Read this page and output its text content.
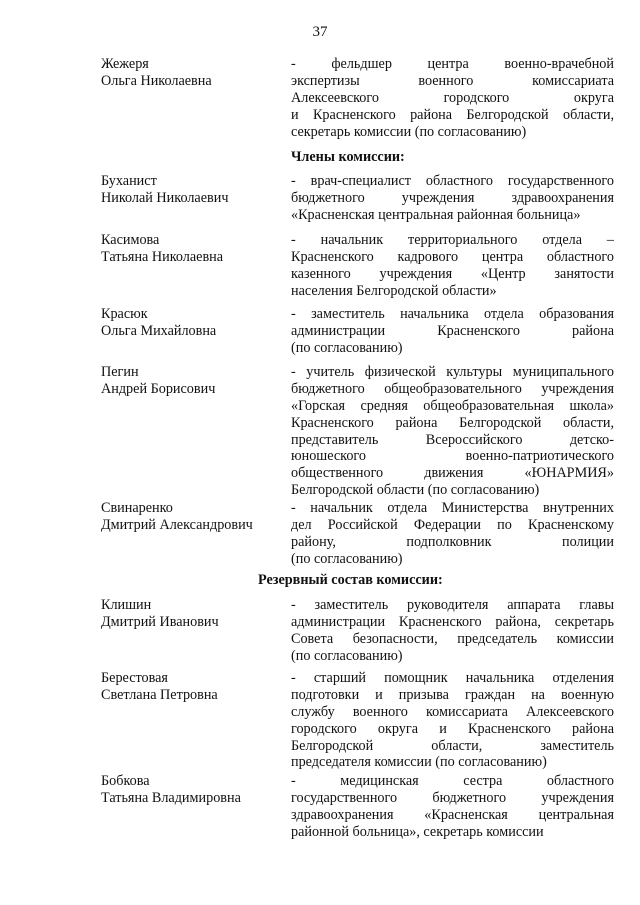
37
Жежеря
Ольга Николаевна
- фельдшер центра военно-врачебной
экспертизы военного комиссариата
Алексеевского городского округа
и Красненского района Белгородской области,
секретарь комиссии (по согласованию)
Члены комиссии:
Буханист
Николай Николаевич
- врач-специалист областного государственного
бюджетного учреждения здравоохранения
«Красненская центральная районная больница»
Касимова
Татьяна Николаевна
- начальник территориального отдела –
Красненского кадрового центра областного
казенного учреждения «Центр занятости
населения Белгородской области»
Красюк
Ольга Михайловна
- заместитель начальника отдела образования
администрации Красненского района
(по согласованию)
Пегин
Андрей Борисович
- учитель физической культуры муниципального
бюджетного общеобразовательного учреждения
«Горская средняя общеобразовательная школа»
Красненского района Белгородской области,
представитель Всероссийского детско-
юношеского военно-патриотического
общественного движения «ЮНАРМИЯ»
Белгородской области (по согласованию)
Свинаренко
Дмитрий Александрович
- начальник отдела Министерства внутренних
дел Российской Федерации по Красненскому
району, подполковник полиции
(по согласованию)
Резервный состав комиссии:
Клишин
Дмитрий Иванович
- заместитель руководителя аппарата главы
администрации Красненского района, секретарь
Совета безопасности, председатель комиссии
(по согласованию)
Берестовая
Светлана Петровна
- старший помощник начальника отделения
подготовки и призыва граждан на военную
службу военного комиссариата Алексеевского
городского округа и Красненского района
Белгородской области, заместитель
председателя комиссии (по согласованию)
Бобкова
Татьяна Владимировна
- медицинская сестра областного
государственного бюджетного учреждения
здравоохранения «Красненская центральная
районной больница», секретарь комиссии
